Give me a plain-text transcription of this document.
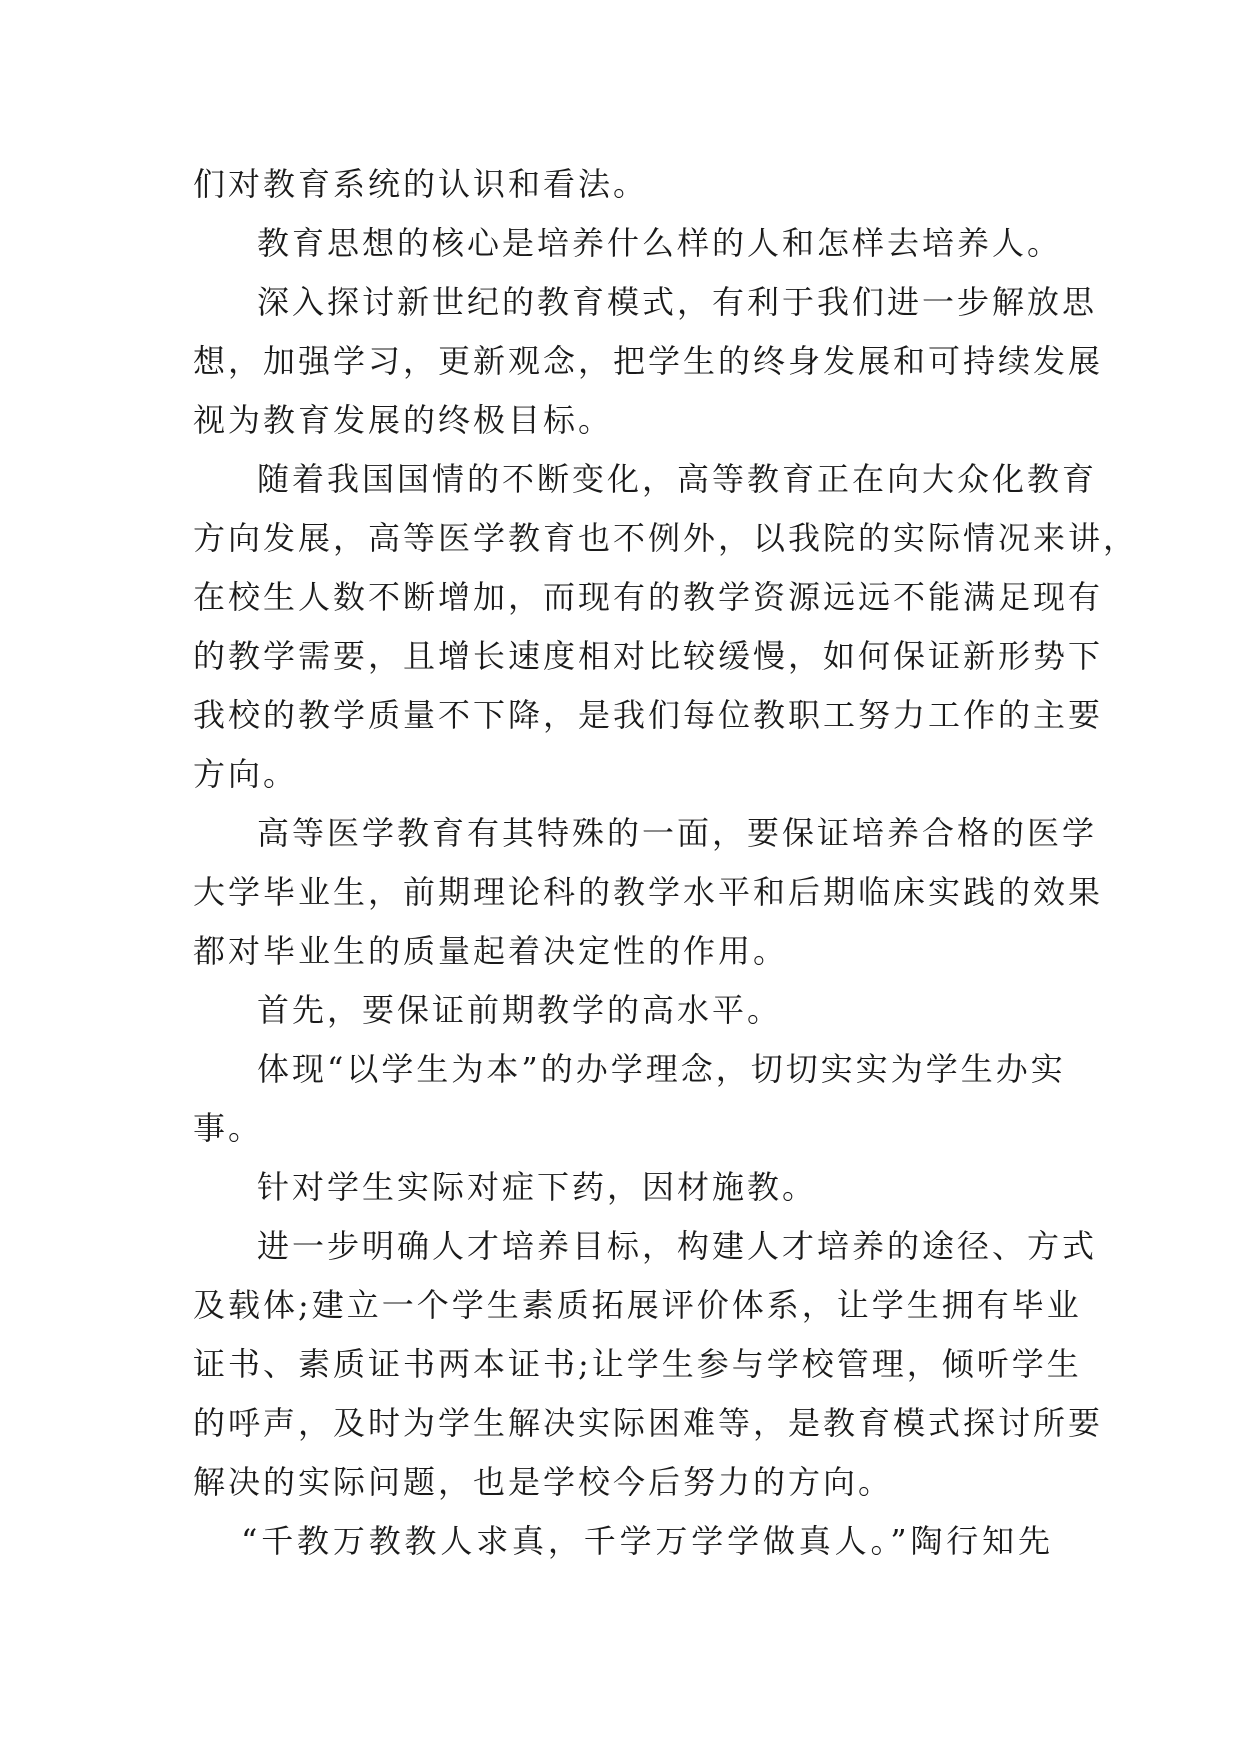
们对教育系统的认识和看法。

教育思想的核心是培养什么样的人和怎样去培养人。

深入探讨新世纪的教育模式，有利于我们进一步解放思
想，加强学习，更新观念，把学生的终身发展和可持续发展
视为教育发展的终极目标。

随着我国国情的不断变化，高等教育正在向大众化教育
方向发展，高等医学教育也不例外，以我院的实际情况来讲，
在校生人数不断增加，而现有的教学资源远远不能满足现有
的教学需要，且增长速度相对比较缓慢，如何保证新形势下
我校的教学质量不下降，是我们每位教职工努力工作的主要
方向。

高等医学教育有其特殊的一面，要保证培养合格的医学
大学毕业生，前期理论科的教学水平和后期临床实践的效果
都对毕业生的质量起着决定性的作用。

首先，要保证前期教学的高水平。

体现“以学生为本”的办学理念，切切实实为学生办实
事。

针对学生实际对症下药，因材施教。

进一步明确人才培养目标，构建人才培养的途径、方式
及载体;建立一个学生素质拓展评价体系，让学生拥有毕业
证书、素质证书两本证书;让学生参与学校管理，倾听学生
的呼声，及时为学生解决实际困难等，是教育模式探讨所要
解决的实际问题，也是学校今后努力的方向。

“千教万教教人求真，千学万学学做真人。”陶行知先
